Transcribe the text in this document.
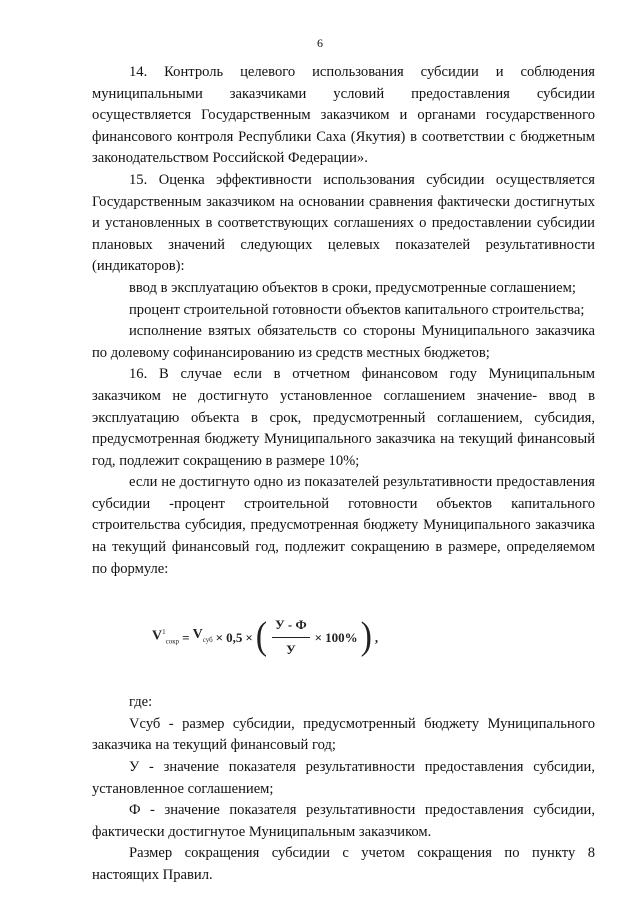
6

14. Контроль целевого использования субсидии и соблюдения муниципальными заказчиками условий предоставления субсидии осуществляется Государственным заказчиком и органами государственного финансового контроля Республики Саха (Якутия) в соответствии с бюджетным законодательством Российской Федерации».

15. Оценка эффективности использования субсидии осуществляется Государственным заказчиком на основании сравнения фактически достигнутых и установленных в соответствующих соглашениях о предоставлении субсидии плановых значений следующих целевых показателей результативности (индикаторов):

ввод в эксплуатацию объектов в сроки, предусмотренные соглашением;

процент строительной готовности объектов капитального строительства;

исполнение взятых обязательств со стороны Муниципального заказчика по долевому софинансированию из средств местных бюджетов;

16. В случае если в отчетном финансовом году Муниципальным заказчиком не достигнуто установленное соглашением значение- ввод в эксплуатацию объекта в срок, предусмотренный соглашением, субсидия, предусмотренная бюджету Муниципального заказчика на текущий финансовый год, подлежит сокращению в размере 10%;

если не достигнуто одно из показателей результативности предоставления субсидии -процент строительной готовности объектов капитального строительства субсидия, предусмотренная бюджету Муниципального заказчика на текущий финансовый год, подлежит сокращению в размере, определяемом по формуле:

$V^1_{сокр} = V_{суб} \times 0,5$ × ( $\frac{У - Ф}{У} \times 100\%$ ) ,

где:

Vсуб - размер субсидии, предусмотренный бюджету Муниципального заказчика на текущий финансовый год;

У - значение показателя результативности предоставления субсидии, установленное соглашением;

Ф - значение показателя результативности предоставления субсидии, фактически достигнутое Муниципальным заказчиком.

Размер сокращения субсидии с учетом сокращения по пункту 8 настоящих Правил.
